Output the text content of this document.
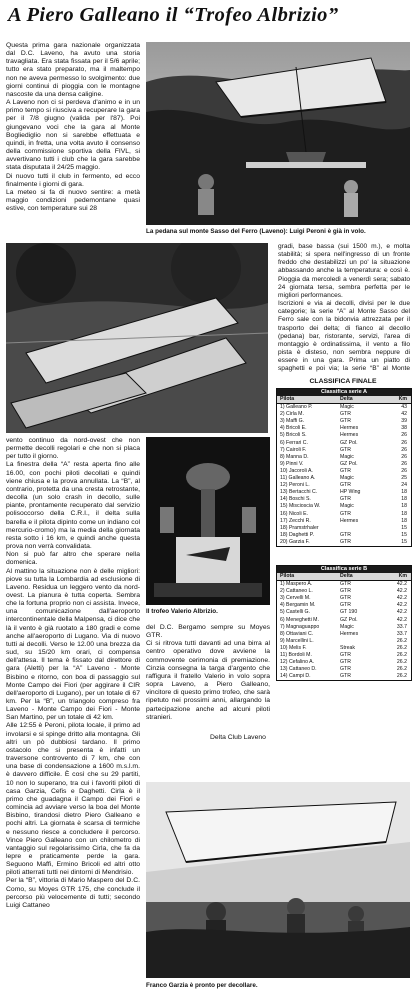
A Piero Galleano il “Trofeo Albrizio”
Questa prima gara nazionale organizzata dal D.C. Laveno, ha avuto una storia travagliata. Era stata fissata per il 5/6 aprile; tutto era stato preparato, ma il maltempo non ne aveva permesso lo svolgimento: due giorni continui di pioggia con le montagne nascoste da una densa caligine.
A Laveno non ci si perdeva d'animo e in un primo tempo si riusciva a recuperare la gara per il 7/8 giugno (valida per l'87). Poi giungevano voci che la gara al Monte Bogliediglio non si sarebbe effettuata e quindi, in fretta, una volta avuto il consenso della commissione sportiva della FIVL, si avvertivano tutti i club che la gara sarebbe stata disputata il 24/25 maggio.
Di nuovo tutti il club in fermento, ed ecco finalmente i giorni di gara.
La meteo si fa di nuovo sentire: a metà maggio condizioni pedemontane quasi estive, con temperature sui 28
La pedana sul monte Sasso del Ferro (Laveno): Luigi Peroni è già in volo.
gradi, base bassa (sui 1500 m.), e molta stabilità; si spera nell'ingresso di un fronte freddo che destabilizzi un po' la situazione abbassando anche la temperatura: e così è. Pioggia da mercoledì a venerdì sera; sabato 24 giornata tersa, sembra perfetta per le migliori performances.
Iscrizioni e via ai decolli, divisi per le due categorie; la serie “A” al Monte Sasso del Ferro sale con la bidonvia attrezzata per il trasporto dei delta; di fianco al decollo (pedana) bar, ristorante, servizi, l'area di montaggio è ordinatissima, il vento a filo pista è disteso, non sembra neppure di essere in una gara. Prima un piatto di spaghetti e poi via; la serie “B” al Monte

CLASSIFICA FINALE
Classifica serie A
Pilota	Delta	Km
1) Galleano P.	Magic	43
2) Cirla M.	GTR	42
3) Maffi G.	GTR	39
4) Bricoli E.	Hermes	38
5) Bricoli S.	Hermes	26
6) Ferrari C.	GZ Pol.	26
7) Cairoli F.	GTR	26
8) Manna D.	Magic	26
9) Pinni V.	GZ Pol.	26
10) Jacoroli A.	GTR	26
11) Galleano A.	Magic	25
12) Peroni L.	GTR	24
13) Bertacchi C.	HP Wing	18
14) Boschi S.	GTR	18
15) Miscioscia W.	Magic	18
16) Nicoli E.	GTR	18
17) Zecchi R.	Hermes	18
18) Pramstrhaler	15
18) Daghetti P.	GTR	15
20) Garzia F.	GTR	15
Classifica serie B
Pilota	Delta	Km
1) Maspero A.	GTR	42.2
2) Cattaneo L.	GTR	42.2
3) Cervelli M.	GTR	42.2
4) Bergamin M.	GTR	42.2
5) Castelli G.	GT 190	42.2
6) Meneghetti M.	GZ Pol.	42.2
7) Magnaguappo	Magic	33.7
8) Ottaviani C.	Hermes	33.7
9) Marcellini L.	26.2
10) Melis F.	Streak	26.2
11) Bordoli M.	GTR	26.2
12) Cefalino A.	GTR	26.2
13) Cattaneo D.	GTR	26.2
14) Campi D.	GTR	26.2
vento continuo da nord-ovest che non permette decolli regolari e che non si placa per tutto il giorno.
La finestra della “A” resta aperta fino alle 16.00, con pochi piloti decollati e quindi viene chiusa e la prova annullata. La “B”, al contrario, protetta da una cresta retrostante, decolla (un solo crash in decollo, sulle piante, prontamente recuperato dal servizio polisoccorso della C.R.I., il delta sulla barella e il pilota dipinto come un indiano col mercurio-cromo) ma la media della giornata resta sotto i 16 km, e quindi anche questa prova non verrà convalidata.
Non si può far altro che sperare nella domenica.
Al mattino la situazione non è delle migliori: piove su tutta la Lombardia ad esclusione di Laveno. Residua un leggero vento da nord-ovest. La pianura è tutta coperta. Sembra che la fortuna proprio non ci assista. Invece, una comunicazione dall'aeroporto intercontinentale della Malpensa, ci dice che là il vento è già ruotato a 180 gradi e come anche all'aeroporto di Lugano. Via di nuovo tutti ai decolli. Verso le 12.00 una brezza da sud, su 15/20 km orari, ci compensa dell'attesa. Il tema è fissato dal direttore di gara (Aletti) per la “A” Laveno - Monte Bisbino e ritorno, con boa di passaggio sul Monte Campo dei Fiori (per aggirare il CIR dell'aeroporto di Lugano), per un totale di 67 km. Per la “B”, un triangolo compreso fra Laveno - Monte Campo dei Fiori - Monte San Martino, per un totale di 42 km.
Alle 12:55 è Peroni, pilota locale, il primo ad involarsi e si spinge dritto alla montagna. Gli altri un pò dubbiosi tardano. Il primo ostacolo che si presenta è infatti un traversone controvento di 7 km, che con una base di condensazione a 1600 m.s.l.m. è davvero difficile. È così che su 29 partiti, 10 non lo superano, tra cui i favoriti piloti di casa Garzia, Cefis e Daghetti. Cirla è il primo che guadagna il Campo dei Fiori e comincia ad avviare verso la boa del Monte Bisbino, tirandosi dietro Piero Galleano e pochi altri. La giornata è scarsa di termiche e nessuno riesce a concludere il percorso. Vince Piero Galleano con un chilometro di vantaggio sul regolarissimo Cirla, che fa da lepre e praticamente perde la gara. Seguono Maffi, Ermino Bricoli ed altri otto piloti atterrati tutti nei dintorni di Mendrisio.
Per la “B”, vittoria di Mario Maspero del D.C. Como, su Moyes GTR 175, che conclude il percorso più velocemente di tutti; secondo Luigi Cattaneo
Il trofeo Valerio Albrizio.
del D.C. Bergamo sempre su Moyes GTR.
Ci si ritrova tutti davanti ad una birra al centro operativo dove avviene la commovente cerimonia di premiazione. Cinzia consegna la targa d'argento che raffigura il fratello Valerio in volo sopra sopra Laveno, a Piero Galleano, vincitore di questo primo trofeo, che sarà ripetuto nei prossimi anni, allargando la partecipazione anche ad alcuni piloti stranieri.
Delta Club Laveno
Franco Garzia è pronto per decollare.
